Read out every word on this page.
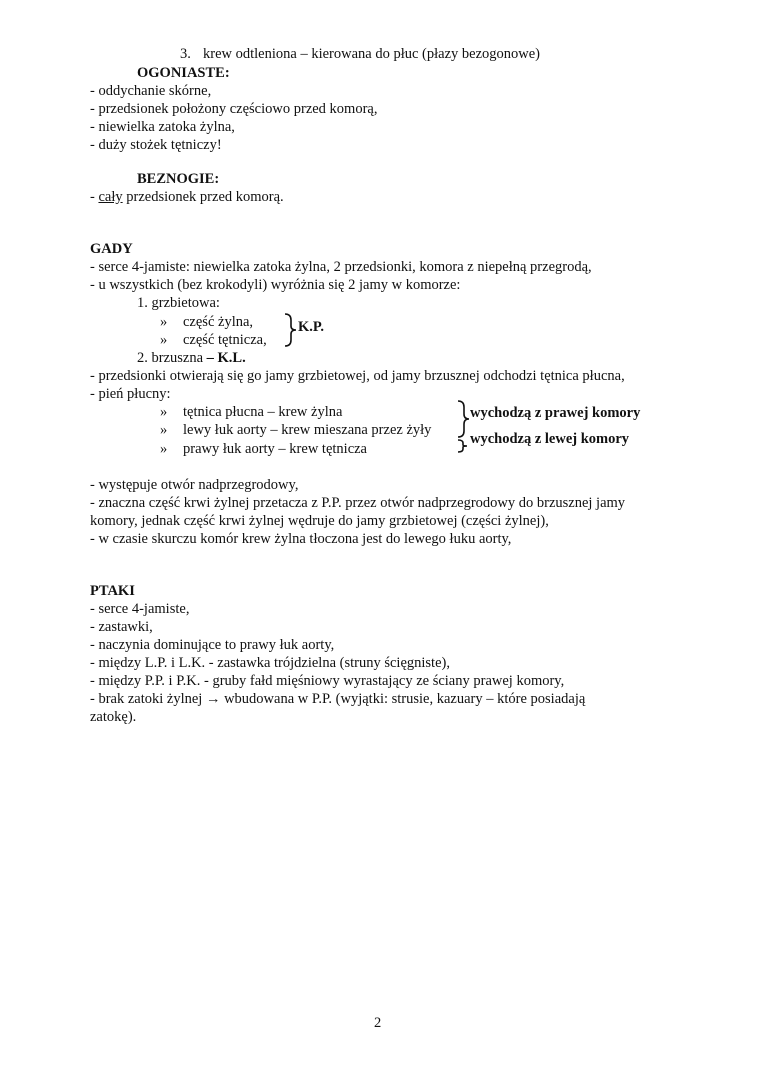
3. krew odtleniona – kierowana do płuc (płazy bezogonowe)
OGONIASTE:
- oddychanie skórne,
- przedsionek położony częściowo przed komorą,
- niewielka zatoka żylna,
- duży stożek tętniczy!
BEZNOGIE:
- cały przedsionek przed komorą.
GADY
- serce 4-jamiste: niewielka zatoka żylna, 2 przedsionki, komora z niepełną przegrodą,
- u wszystkich (bez krokodyli) wyróżnia się 2 jamy w komorze:
1. grzbietowa:
» część żylna,
» część tętnicza,
K.P.
2. brzuszna – K.L.
- przedsionki otwierają się go jamy grzbietowej, od jamy brzusznej odchodzi tętnica płucna,
- pień płucny:
» tętnica płucna – krew żylna
» lewy łuk aorty – krew mieszana przez żyły
» prawy łuk aorty – krew tętnicza
wychodzą z prawej komory
wychodzą z lewej komory
- występuje otwór nadprzegrodowy,
- znaczna część krwi żylnej przetacza z P.P. przez otwór nadprzegrodowy do brzusznej jamy
komory, jednak część krwi żylnej wędruje do jamy grzbietowej (części żylnej),
- w czasie skurczu komór krew żylna tłoczona jest do lewego łuku aorty,
PTAKI
- serce 4-jamiste,
- zastawki,
- naczynia dominujące to prawy łuk aorty,
- między L.P. i L.K. - zastawka trójdzielna (struny ścięgniste),
- między P.P. i P.K. - gruby fałd mięśniowy wyrastający ze ściany prawej komory,
- brak zatoki żylnej → wbudowana w P.P. (wyjątki: strusie, kazuary – które posiadają
zatokę).
2
